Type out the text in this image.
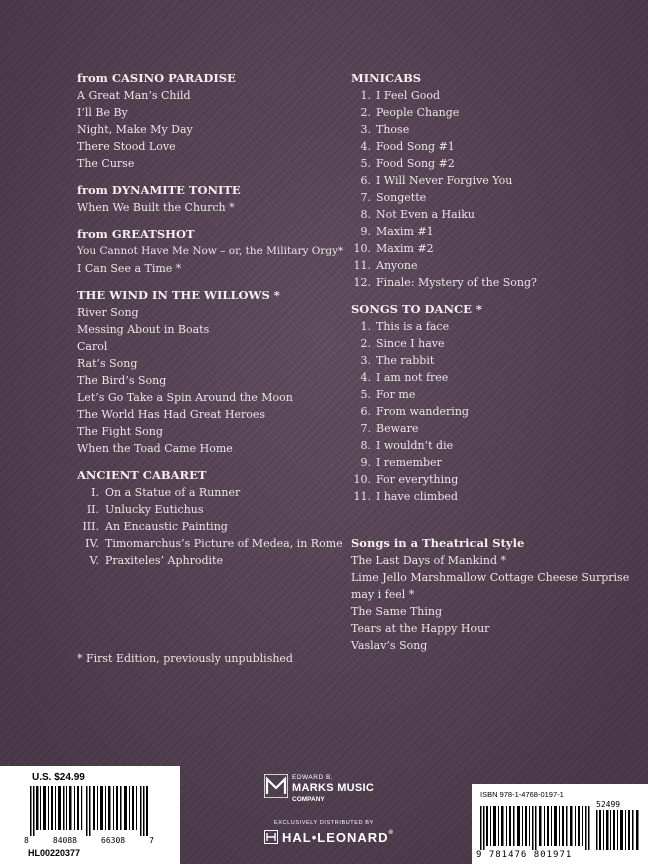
from CASINO PARADISE
A Great Man’s Child
I’ll Be By
Night, Make My Day
There Stood Love
The Curse
from DYNAMITE TONITE
When We Built the Church *
from GREATSHOT
You Cannot Have Me Now – or, the Military Orgy*
I Can See a Time *
THE WIND IN THE WILLOWS *
River Song
Messing About in Boats
Carol
Rat’s Song
The Bird’s Song
Let’s Go Take a Spin Around the Moon
The World Has Had Great Heroes
The Fight Song
When the Toad Came Home
ANCIENT CABARET
I. On a Statue of a Runner
II. Unlucky Eutichus
III. An Encaustic Painting
IV. Timomarchus’s Picture of Medea, in Rome
V. Praxiteles’ Aphrodite
* First Edition, previously unpublished
MINICABS
1. I Feel Good
2. People Change
3. Those
4. Food Song #1
5. Food Song #2
6. I Will Never Forgive You
7. Songette
8. Not Even a Haiku
9. Maxim #1
10. Maxim #2
11. Anyone
12. Finale: Mystery of the Song?
SONGS TO DANCE *
1. This is a face
2. Since I have
3. The rabbit
4. I am not free
5. For me
6. From wandering
7. Beware
8. I wouldn’t die
9. I remember
10. For everything
11. I have climbed
Songs in a Theatrical Style
The Last Days of Mankind *
Lime Jello Marshmallow Cottage Cheese Surprise
may i feel *
The Same Thing
Tears at the Happy Hour
Vaslav’s Song
U.S. $24.99
8	84088	66308	7
HL00220377
EDWARD B.
MARKS MUSIC
COMPANY
EXCLUSIVELY DISTRIBUTED BY
HAL•LEONARD®
ISBN 978-1-4768-0197-1
52499
9 781476 801971
